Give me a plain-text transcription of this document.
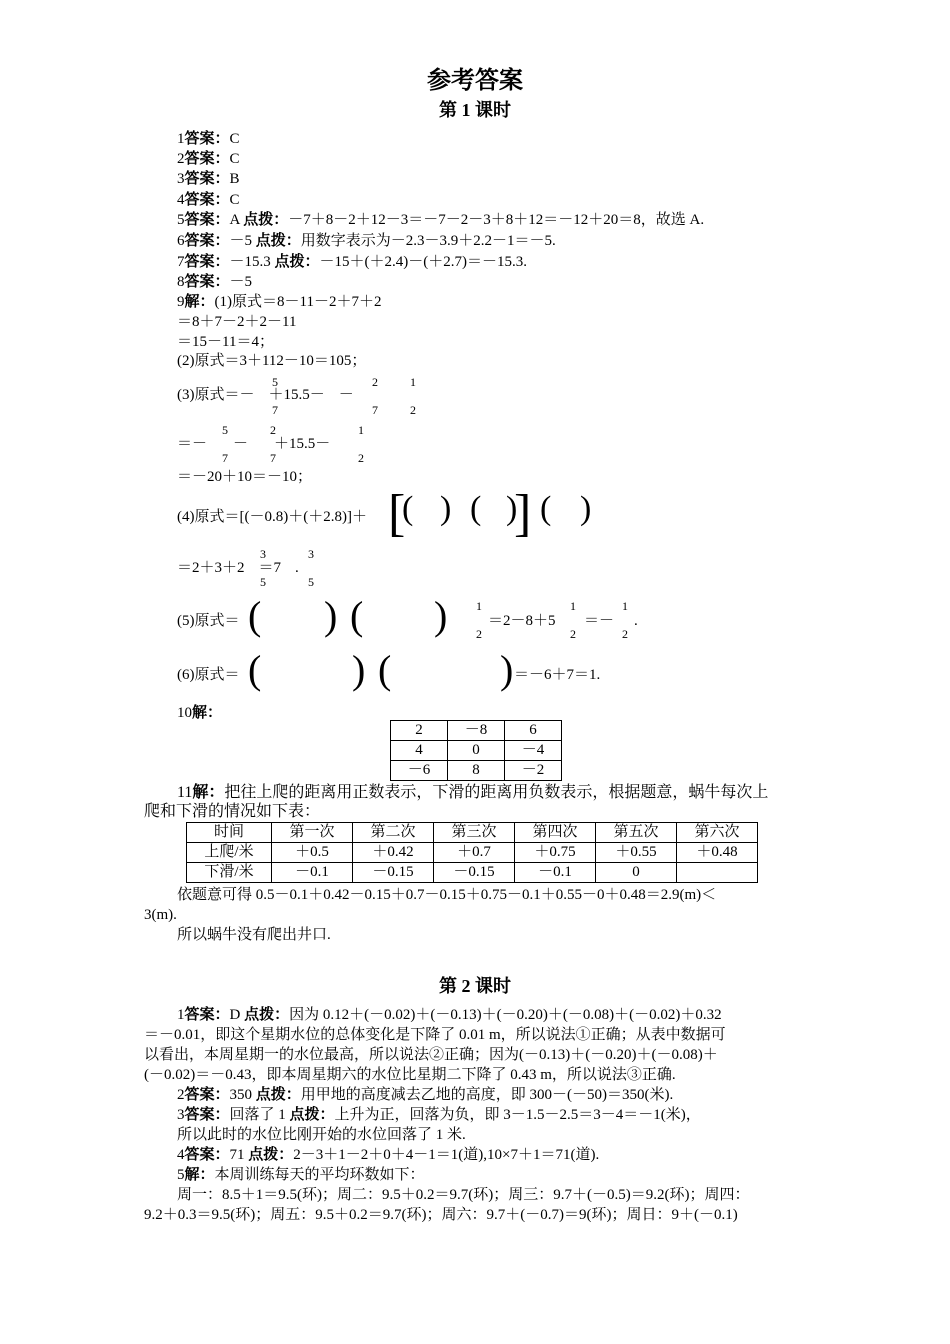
参考答案
第 1 课时
1答案：C
2答案：C
3答案：B
4答案：C
5答案：A 点拨：－7＋8－2＋12－3＝－7－2－3＋8＋12＝－12＋20＝8，故选 A.
6答案：－5 点拨：用数字表示为－2.3－3.9＋2.2－1＝－5.
7答案：－15.3 点拨：－15＋(＋2.4)－(＋2.7)＝－15.3.
8答案：－5
9解：(1)原式＝8－11－2＋7＋2
＝8＋7－2＋2－11
＝15－11＝4；
(2)原式＝3＋112－10＝105；
(3)原式＝－ ＋15.5－ －
5
7
2
7
1
2
＝－ － ＋15.5－
5
7
2
7
1
2
＝－20＋10＝－10；
(4)原式＝[(－0.8)＋(＋2.8)]＋ [
( ) ( )
] ( )
＝2＋3＋2 ＝7 .
3
5
3
5
(5)原式＝ ( ) ( ) 1
2
＝2－8＋5
1
2
＝－
1
2
.
(6)原式＝ ( ) (	) ＝－6＋7＝1.
10解：
2	－8	6
4	0	－4
－6	8	－2
11解：把往上爬的距离用正数表示，下滑的距离用负数表示，根据题意，蜗牛每次上
爬和下滑的情况如下表：
时间	第一次	第二次	第三次	第四次	第五次	第六次
上爬/米	＋0.5	＋0.42	＋0.7	＋0.75	＋0.55	＋0.48
下滑/米	－0.1	－0.15	－0.15	－0.1	0	
依题意可得 0.5－0.1＋0.42－0.15＋0.7－0.15＋0.75－0.1＋0.55－0＋0.48＝2.9(m)＜
3(m).
所以蜗牛没有爬出井口.
第 2 课时
1答案：D 点拨：因为 0.12＋(－0.02)＋(－0.13)＋(－0.20)＋(－0.08)＋(－0.02)＋0.32
＝－0.01，即这个星期水位的总体变化是下降了 0.01 m，所以说法①正确；从表中数据可
以看出，本周星期一的水位最高，所以说法②正确；因为(－0.13)＋(－0.20)＋(－0.08)＋
(－0.02)＝－0.43，即本周星期六的水位比星期二下降了 0.43 m，所以说法③正确.
2答案：350 点拨：用甲地的高度减去乙地的高度，即 300－(－50)＝350(米).
3答案：回落了 1 点拨：上升为正，回落为负，即 3－1.5－2.5＝3－4＝－1(米)，
所以此时的水位比刚开始的水位回落了 1 米.
4答案：71 点拨：2－3＋1－2＋0＋4－1＝1(道),10×7＋1＝71(道).
5解：本周训练每天的平均环数如下：
周一：8.5＋1＝9.5(环)；周二：9.5＋0.2＝9.7(环)；周三：9.7＋(－0.5)＝9.2(环)；周四：
9.2＋0.3＝9.5(环)；周五：9.5＋0.2＝9.7(环)；周六：9.7＋(－0.7)＝9(环)；周日：9＋(－0.1)
